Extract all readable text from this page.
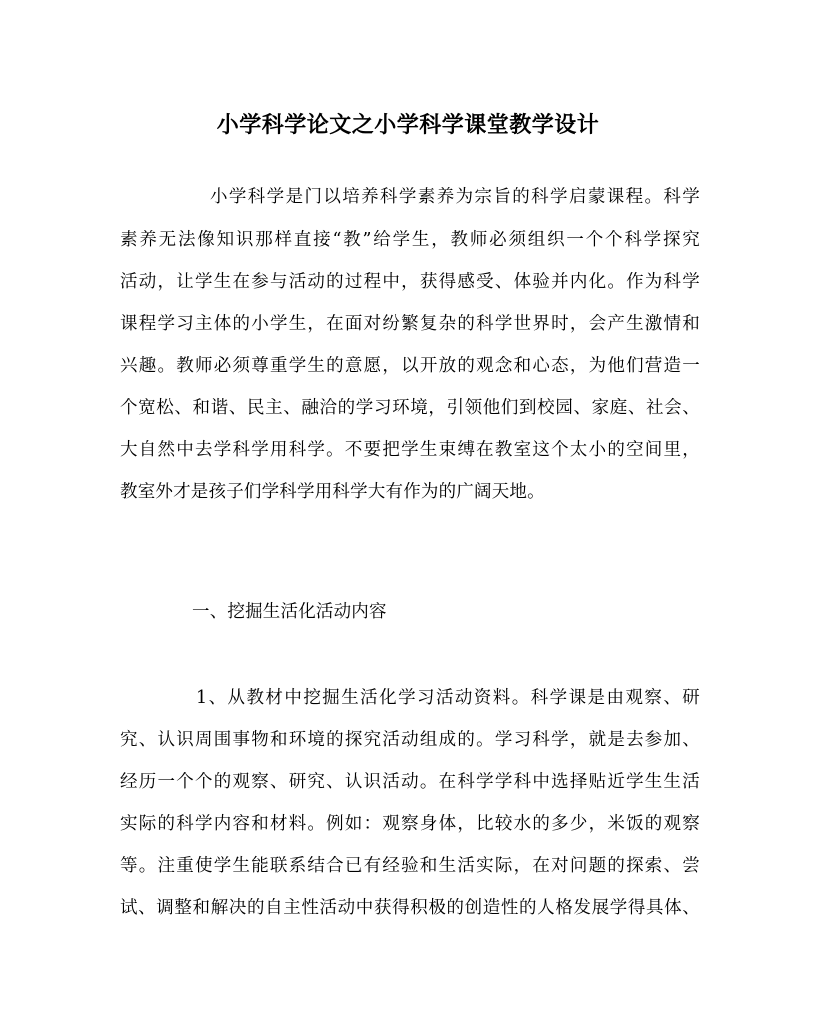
小学科学论文之小学科学课堂教学设计
小学科学是门以培养科学素养为宗旨的科学启蒙课程。科学
素养无法像知识那样直接“教”给学生，教师必须组织一个个科学探究
活动，让学生在参与活动的过程中，获得感受、体验并内化。作为科学
课程学习主体的小学生，在面对纷繁复杂的科学世界时，会产生激情和
兴趣。教师必须尊重学生的意愿，以开放的观念和心态，为他们营造一
个宽松、和谐、民主、融洽的学习环境，引领他们到校园、家庭、社会、
大自然中去学科学用科学。不要把学生束缚在教室这个太小的空间里，
教室外才是孩子们学科学用科学大有作为的广阔天地。
一、挖掘生活化活动内容
1、从教材中挖掘生活化学习活动资料。科学课是由观察、研
究、认识周围事物和环境的探究活动组成的。学习科学，就是去参加、
经历一个个的观察、研究、认识活动。在科学学科中选择贴近学生生活
实际的科学内容和材料。例如：观察身体，比较水的多少，米饭的观察
等。注重使学生能联系结合已有经验和生活实际，在对问题的探索、尝
试、调整和解决的自主性活动中获得积极的创造性的人格发展学得具体、
